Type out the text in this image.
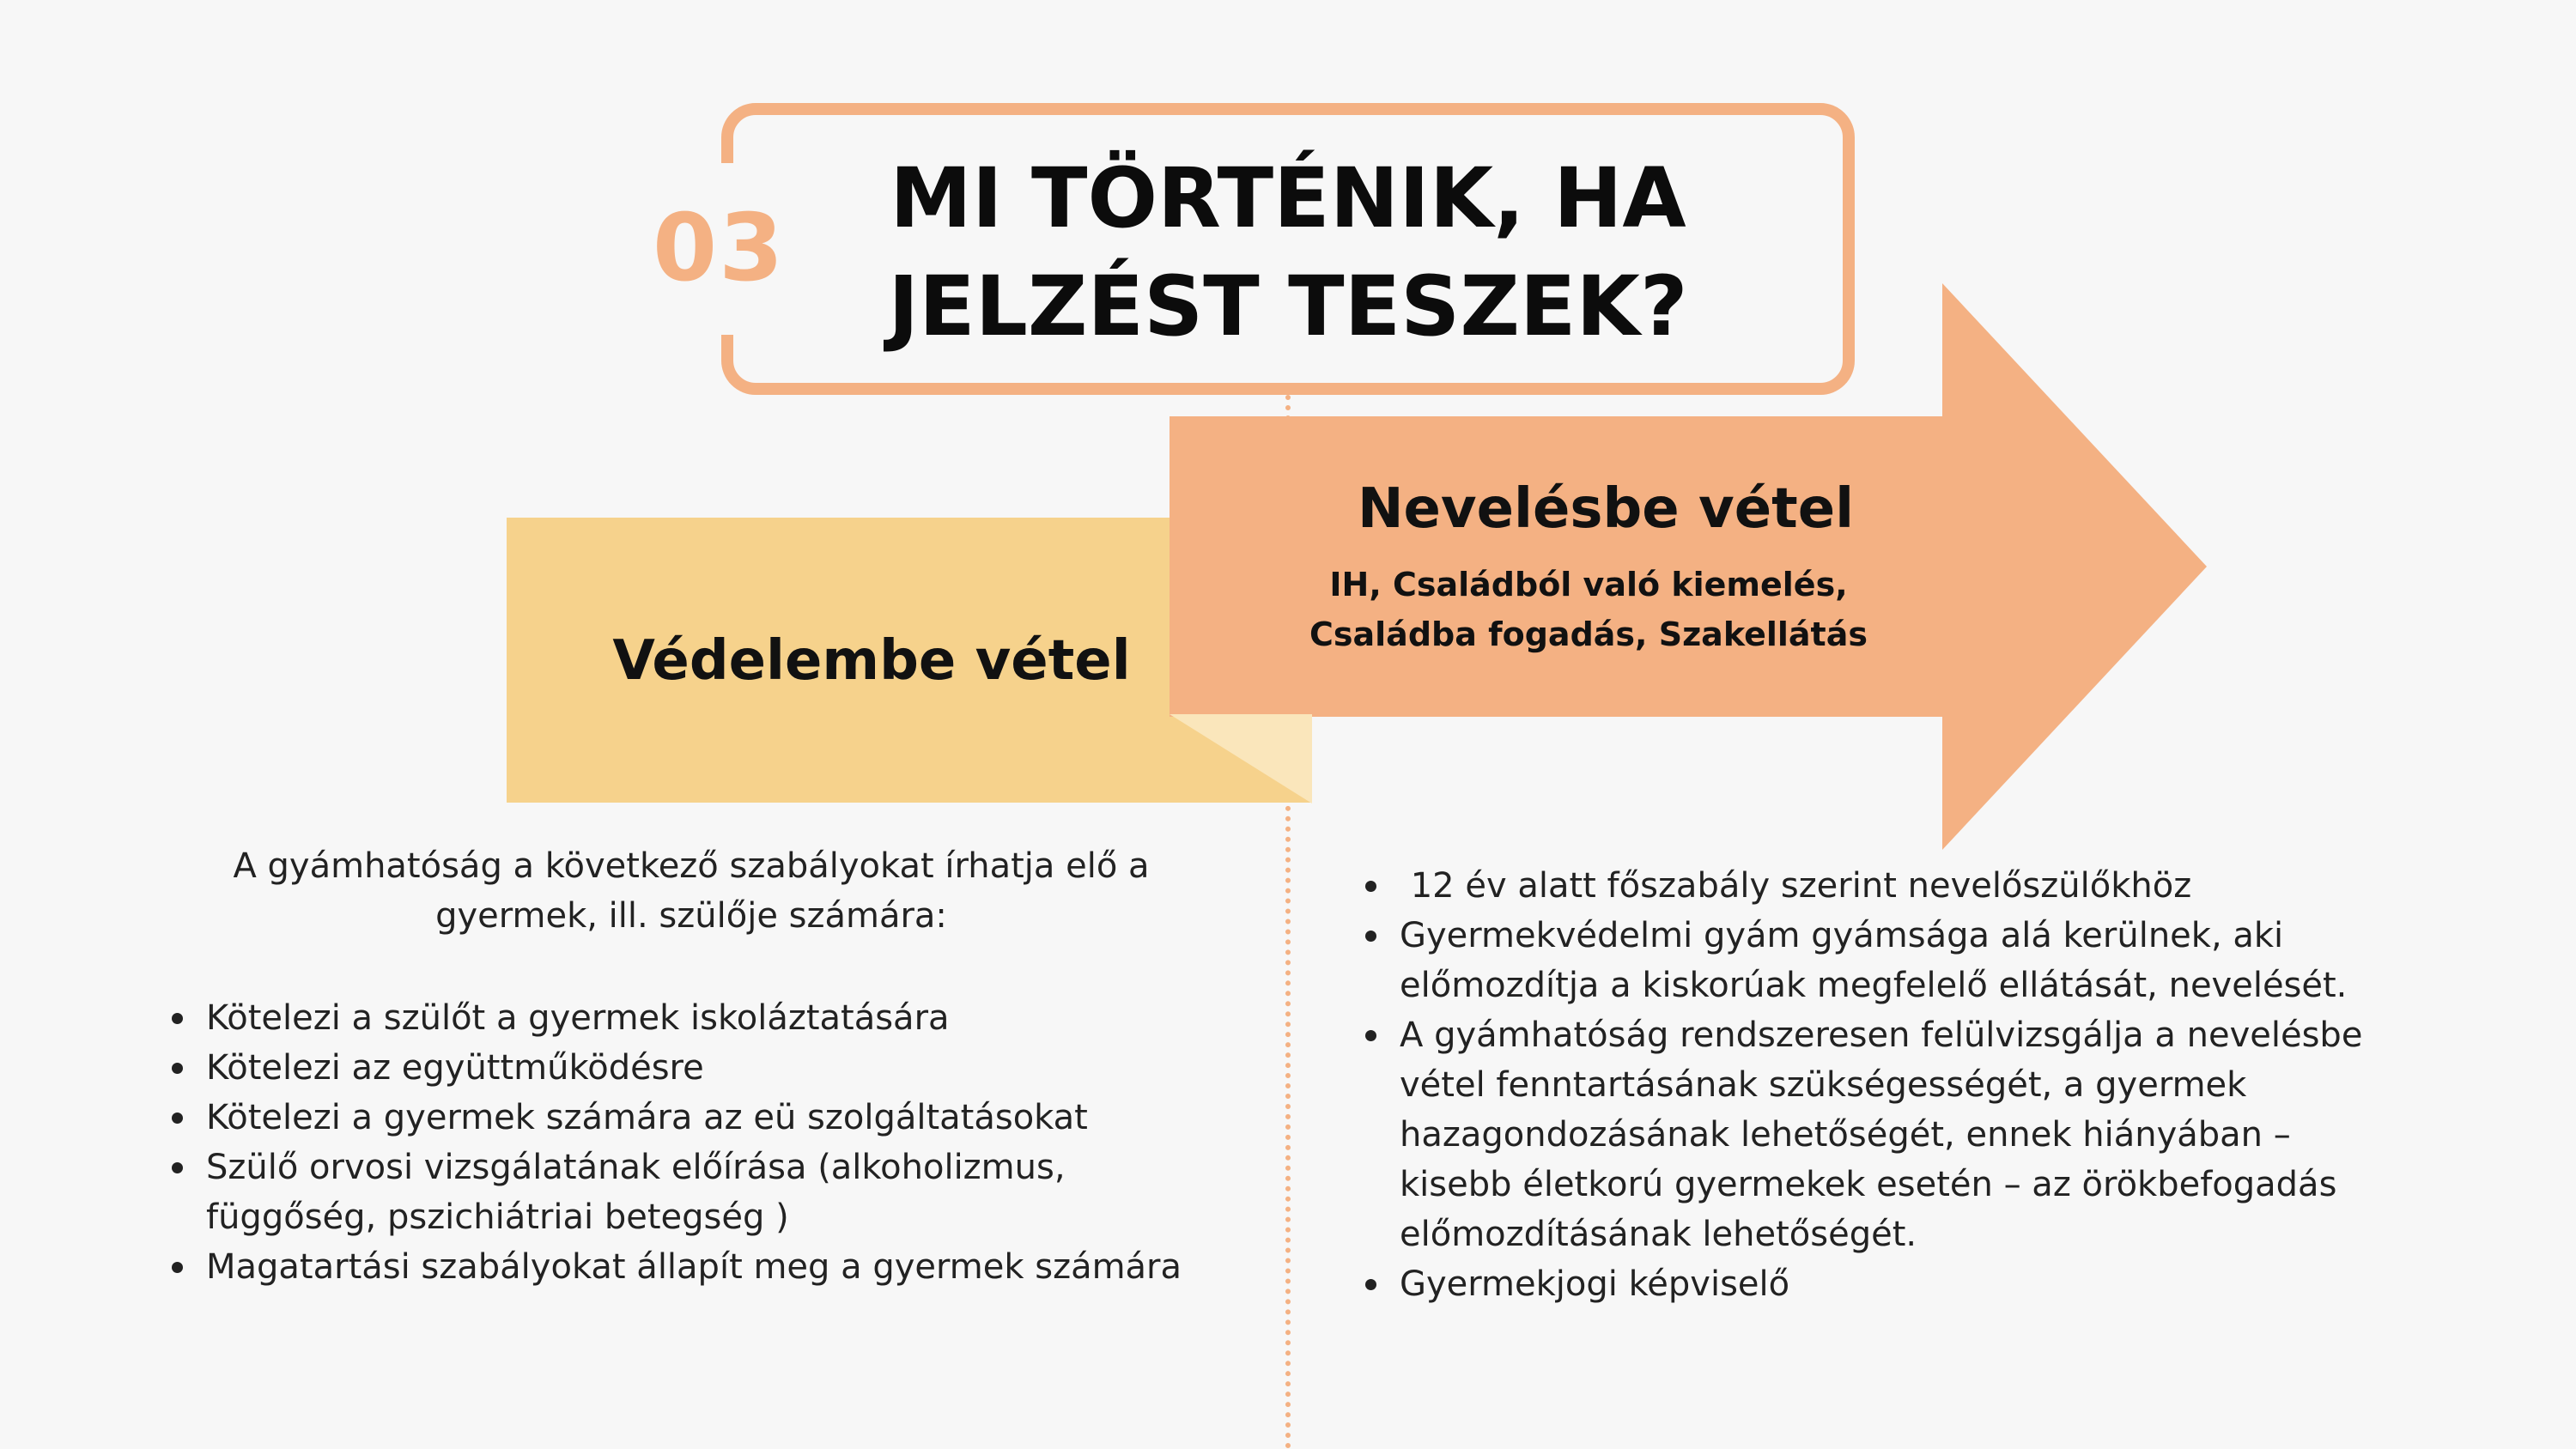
03	MI TÖRTÉNIK, HA
JELZÉST TESZEK?
Védelembe vétel
Nevelésbe vétel
IH, Családból való kiemelés,
Családba fogadás, Szakellátás
A gyámhatóság a következő szabályokat írhatja elő a
gyermek, ill. szülője számára:
Kötelezi a szülőt a gyermek iskoláztatására
Kötelezi az együttműködésre
Kötelezi a gyermek számára az eü szolgáltatásokat
Szülő orvosi vizsgálatának előírása (alkoholizmus,
függőség, pszichiátriai betegség )
Magatartási szabályokat állapít meg a gyermek számára
12 év alatt főszabály szerint nevelőszülőkhöz
Gyermekvédelmi gyám gyámsága alá kerülnek, aki
előmozdítja a kiskorúak megfelelő ellátását, nevelését.
A gyámhatóság rendszeresen felülvizsgálja a nevelésbe
vétel fenntartásának szükségességét, a gyermek
hazagondozásának lehetőségét, ennek hiányában –
kisebb életkorú gyermekek esetén – az örökbefogadás
előmozdításának lehetőségét.
Gyermekjogi képviselő
